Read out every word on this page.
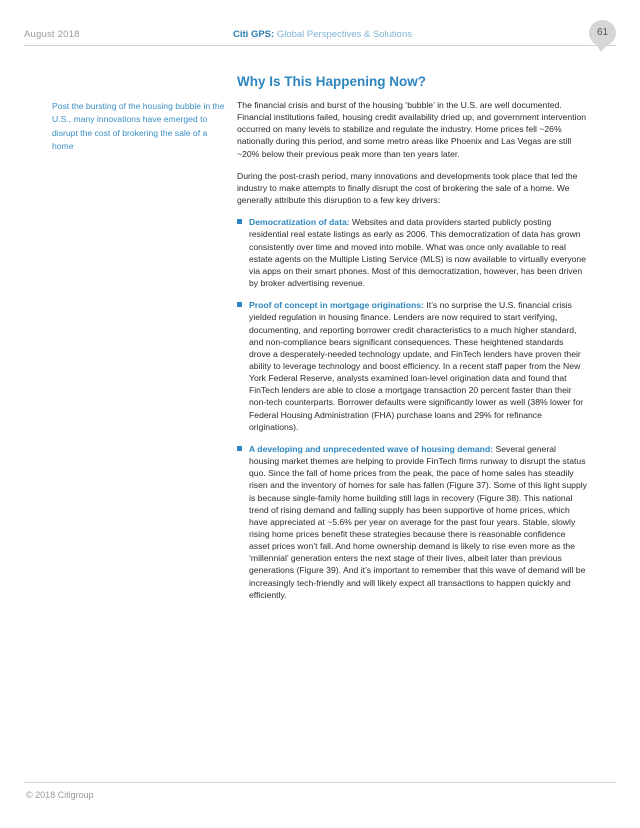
August 2018	Citi GPS: Global Perspectives & Solutions	61
Post the bursting of the housing bubble in the U.S., many innovations have emerged to disrupt the cost of brokering the sale of a home
Why Is This Happening Now?

The financial crisis and burst of the housing ‘bubble’ in the U.S. are well documented. Financial institutions failed, housing credit availability dried up, and government intervention occurred on many levels to stabilize and regulate the industry. Home prices fell ~26% nationally during this period, and some metro areas like Phoenix and Las Vegas are still ~20% below their previous peak more than ten years later.

During the post-crash period, many innovations and developments took place that led the industry to make attempts to finally disrupt the cost of brokering the sale of a home. We generally attribute this disruption to a few key drivers:

Democratization of data: Websites and data providers started publicly posting residential real estate listings as early as 2006. This democratization of data has grown consistently over time and moved into mobile. What was once only available to real estate agents on the Multiple Listing Service (MLS) is now available to virtually everyone via apps on their smart phones. Most of this democratization, however, has been driven by broker advertising revenue.
Proof of concept in mortgage originations: It’s no surprise the U.S. financial crisis yielded regulation in housing finance. Lenders are now required to start verifying, documenting, and reporting borrower credit characteristics to a much higher standard, and non-compliance bears significant consequences. These heightened standards drove a desperately-needed technology update, and FinTech lenders have proven their ability to leverage technology and boost efficiency. In a recent staff paper from the New York Federal Reserve, analysts examined loan-level origination data and found that FinTech lenders are able to close a mortgage transaction 20 percent faster than their non-tech counterparts. Borrower defaults were significantly lower as well (38% lower for Federal Housing Administration (FHA) purchase loans and 29% for refinance originations).
A developing and unprecedented wave of housing demand: Several general housing market themes are helping to provide FinTech firms runway to disrupt the status quo. Since the fall of home prices from the peak, the pace of home sales has steadily risen and the inventory of homes for sale has fallen (Figure 37). Some of this light supply is because single-family home building still lags in recovery (Figure 38). This national trend of rising demand and falling supply has been supportive of home prices, which have appreciated at ~5.6% per year on average for the past four years. Stable, slowly rising home prices benefit these strategies because there is reasonable confidence asset prices won’t fall. And home ownership demand is likely to rise even more as the ‘millennial’ generation enters the next stage of their lives, albeit later than previous generations (Figure 39). And it’s important to remember that this wave of demand will be increasingly tech-friendly and will likely expect all transactions to happen quickly and efficiently.
© 2018 Citigroup
